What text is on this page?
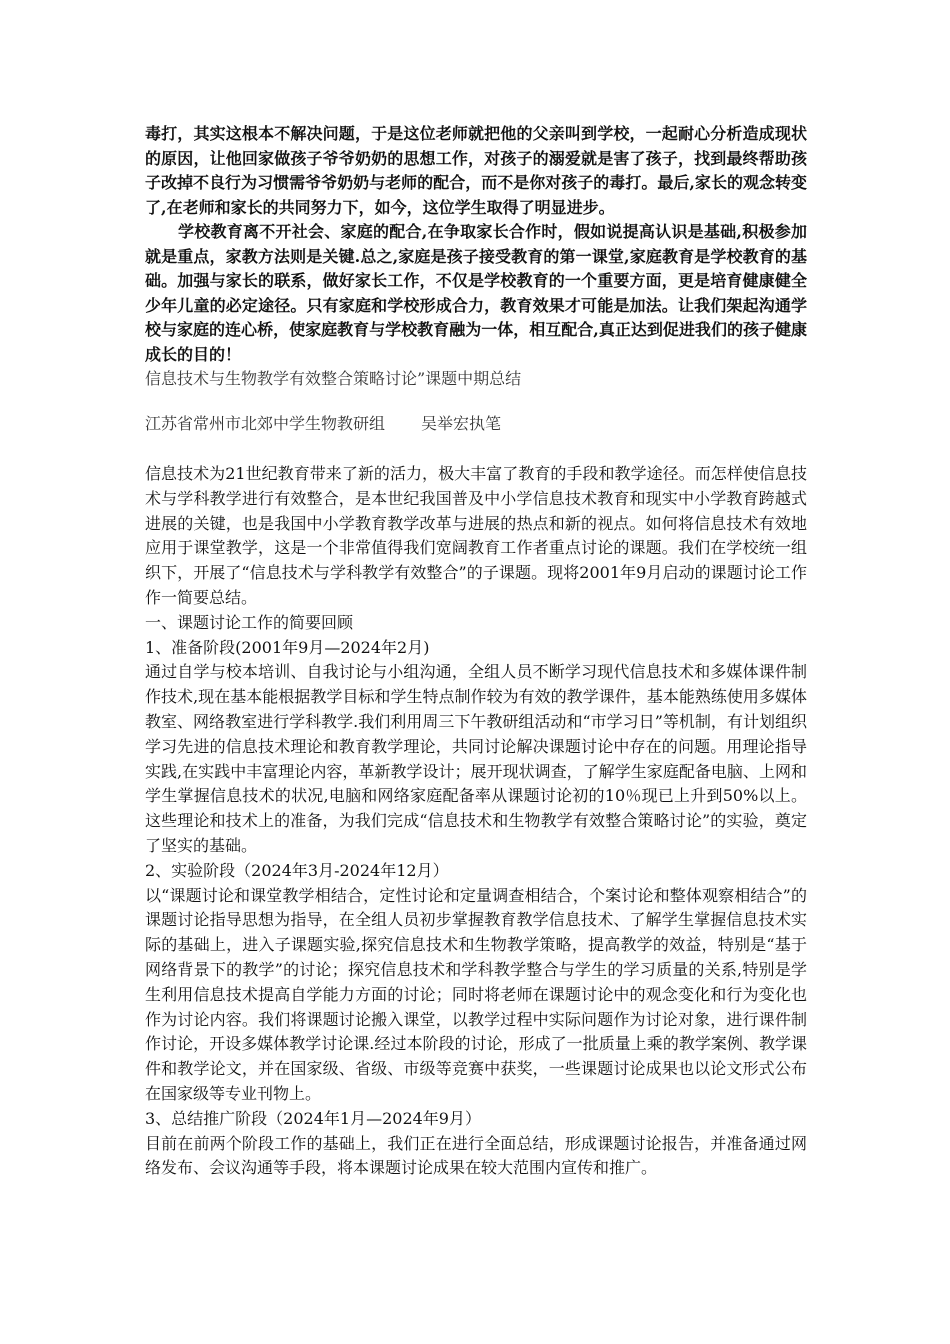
毒打，其实这根本不解决问题，于是这位老师就把他的父亲叫到学校，一起耐心分析造成现状的原因，让他回家做孩子爷爷奶奶的思想工作，对孩子的溺爱就是害了孩子，找到最终帮助孩子改掉不良行为习惯需爷爷奶奶与老师的配合，而不是你对孩子的毒打。最后,家长的观念转变了,在老师和家长的共同努力下，如今，这位学生取得了明显进步。

学校教育离不开社会、家庭的配合,在争取家长合作时，假如说提高认识是基础,积极参加就是重点，家教方法则是关键.总之,家庭是孩子接受教育的第一课堂,家庭教育是学校教育的基础。加强与家长的联系，做好家长工作，不仅是学校教育的一个重要方面，更是培育健康健全少年儿童的必定途径。只有家庭和学校形成合力，教育效果才可能是加法。让我们架起沟通学校与家庭的连心桥，使家庭教育与学校教育融为一体，相互配合,真正达到促进我们的孩子健康成长的目的！

信息技术与生物教学有效整合策略讨论”课题中期总结

江苏省常州市北郊中学生物教研组 吴举宏执笔

信息技术为21世纪教育带来了新的活力，极大丰富了教育的手段和教学途径。而怎样使信息技术与学科教学进行有效整合，是本世纪我国普及中小学信息技术教育和现实中小学教育跨越式进展的关键，也是我国中小学教育教学改革与进展的热点和新的视点。如何将信息技术有效地应用于课堂教学，这是一个非常值得我们宽阔教育工作者重点讨论的课题。我们在学校统一组织下，开展了“信息技术与学科教学有效整合”的子课题。现将2001年9月启动的课题讨论工作作一简要总结。

一、课题讨论工作的简要回顾

1、准备阶段(2001年9月—2024年2月)

通过自学与校本培训、自我讨论与小组沟通，全组人员不断学习现代信息技术和多媒体课件制作技术,现在基本能根据教学目标和学生特点制作较为有效的教学课件，基本能熟练使用多媒体教室、网络教室进行学科教学.我们利用周三下午教研组活动和“市学习日”等机制，有计划组织学习先进的信息技术理论和教育教学理论，共同讨论解决课题讨论中存在的问题。用理论指导实践,在实践中丰富理论内容，革新教学设计；展开现状调查，了解学生家庭配备电脑、上网和学生掌握信息技术的状况,电脑和网络家庭配备率从课题讨论初的10％现已上升到50%以上。这些理论和技术上的准备，为我们完成“信息技术和生物教学有效整合策略讨论”的实验，奠定了坚实的基础。

2、实验阶段（2024年3月-2024年12月）

以“课题讨论和课堂教学相结合，定性讨论和定量调查相结合，个案讨论和整体观察相结合”的课题讨论指导思想为指导，在全组人员初步掌握教育教学信息技术、了解学生掌握信息技术实际的基础上，进入子课题实验,探究信息技术和生物教学策略，提高教学的效益，特别是“基于网络背景下的教学”的讨论；探究信息技术和学科教学整合与学生的学习质量的关系,特别是学生利用信息技术提高自学能力方面的讨论；同时将老师在课题讨论中的观念变化和行为变化也作为讨论内容。我们将课题讨论搬入课堂，以教学过程中实际问题作为讨论对象，进行课件制作讨论，开设多媒体教学讨论课.经过本阶段的讨论，形成了一批质量上乘的教学案例、教学课件和教学论文，并在国家级、省级、市级等竞赛中获奖，一些课题讨论成果也以论文形式公布在国家级等专业刊物上。

3、总结推广阶段（2024年1月—2024年9月）

目前在前两个阶段工作的基础上，我们正在进行全面总结，形成课题讨论报告，并准备通过网络发布、会议沟通等手段，将本课题讨论成果在较大范围内宣传和推广。
